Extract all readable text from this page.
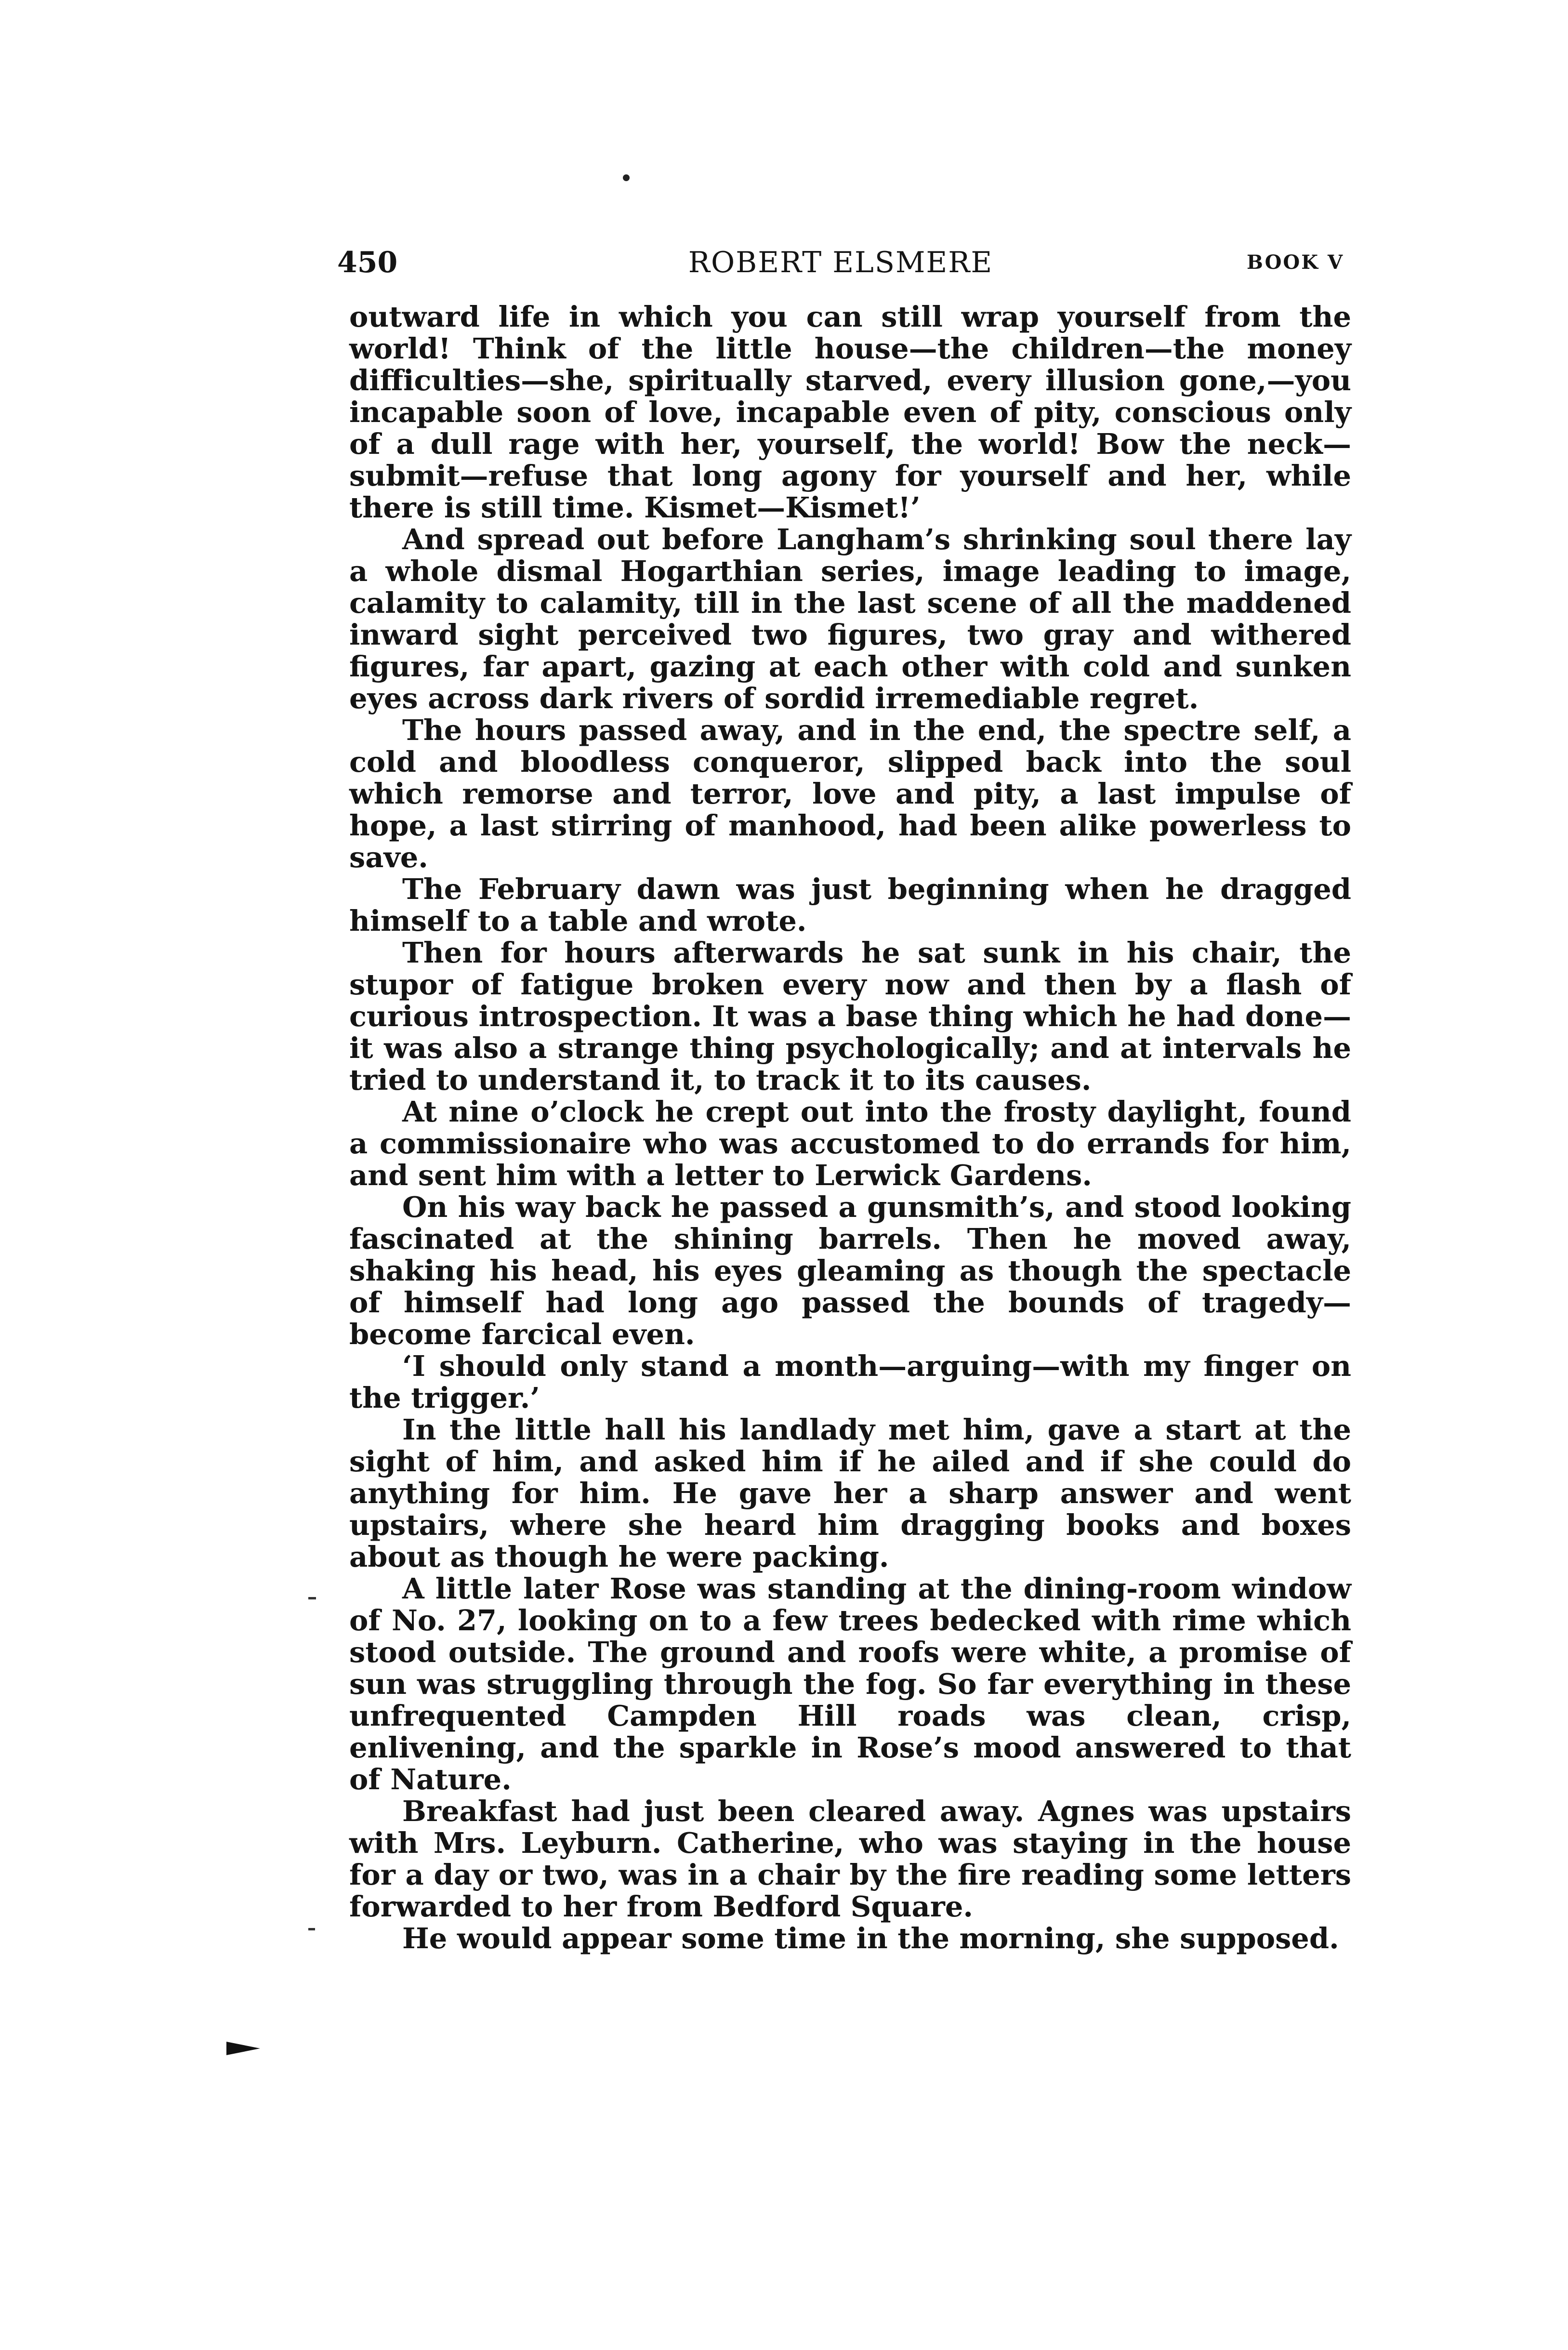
450	ROBERT ELSMERE	BOOK V

outward life in which you can still wrap yourself from the world! Think of the little house—the children—the money difficulties—she, spiritually starved, every illusion gone,—you incapable soon of love, incapable even of pity, conscious only of a dull rage with her, yourself, the world! Bow the neck—submit—refuse that long agony for yourself and her, while there is still time. Kismet—Kismet!’

And spread out before Langham’s shrinking soul there lay a whole dismal Hogarthian series, image leading to image, calamity to calamity, till in the last scene of all the maddened inward sight perceived two figures, two gray and withered figures, far apart, gazing at each other with cold and sunken eyes across dark rivers of sordid irremediable regret.

The hours passed away, and in the end, the spectre self, a cold and bloodless conqueror, slipped back into the soul which remorse and terror, love and pity, a last impulse of hope, a last stirring of manhood, had been alike powerless to save.

The February dawn was just beginning when he dragged himself to a table and wrote.

Then for hours afterwards he sat sunk in his chair, the stupor of fatigue broken every now and then by a flash of curious introspection. It was a base thing which he had done—it was also a strange thing psychologically; and at intervals he tried to understand it, to track it to its causes.

At nine o’clock he crept out into the frosty daylight, found a commissionaire who was accustomed to do errands for him, and sent him with a letter to Lerwick Gardens.

On his way back he passed a gunsmith’s, and stood looking fascinated at the shining barrels. Then he moved away, shaking his head, his eyes gleaming as though the spectacle of himself had long ago passed the bounds of tragedy—become farcical even.

‘I should only stand a month—arguing—with my finger on the trigger.’

In the little hall his landlady met him, gave a start at the sight of him, and asked him if he ailed and if she could do anything for him. He gave her a sharp answer and went upstairs, where she heard him dragging books and boxes about as though he were packing.

A little later Rose was standing at the dining-room window of No. 27, looking on to a few trees bedecked with rime which stood outside. The ground and roofs were white, a promise of sun was struggling through the fog. So far everything in these unfrequented Campden Hill roads was clean, crisp, enlivening, and the sparkle in Rose’s mood answered to that of Nature.

Breakfast had just been cleared away. Agnes was upstairs with Mrs. Leyburn. Catherine, who was staying in the house for a day or two, was in a chair by the fire reading some letters forwarded to her from Bedford Square.

He would appear some time in the morning, she supposed.
